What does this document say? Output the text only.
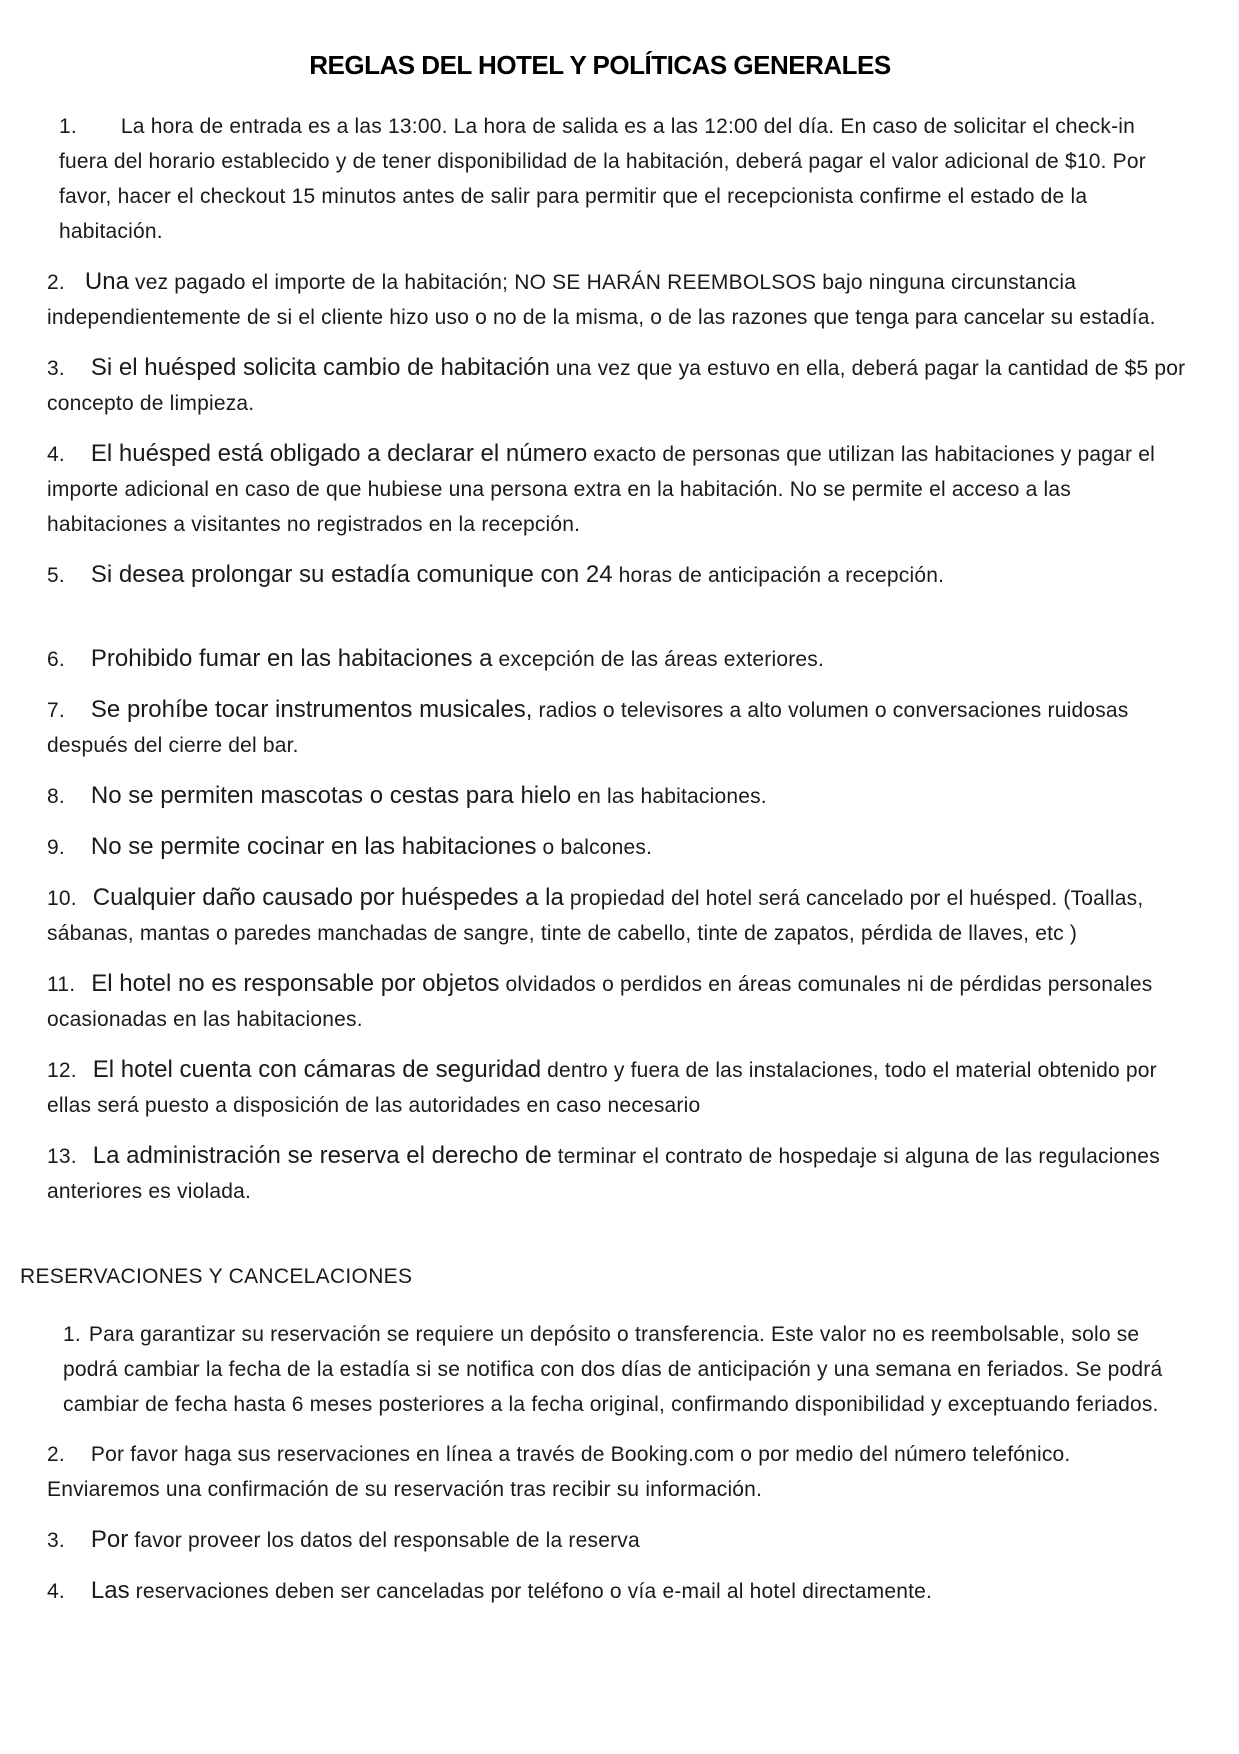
REGLAS DEL HOTEL Y POLÍTICAS GENERALES
1. La hora de entrada es a las 13:00. La hora de salida es a las 12:00 del día. En caso de solicitar el check-in fuera del horario establecido y de tener disponibilidad de la habitación, deberá pagar el valor adicional de $10. Por favor, hacer el checkout 15 minutos antes de salir para permitir que el recepcionista confirme el estado de la habitación.
2. Una vez pagado el importe de la habitación; NO SE HARÁN REEMBOLSOS bajo ninguna circunstancia independientemente de si el cliente hizo uso o no de la misma, o de las razones que tenga para cancelar su estadía.
3. Si el huésped solicita cambio de habitación una vez que ya estuvo en ella, deberá pagar la cantidad de $5 por concepto de limpieza.
4. El huésped está obligado a declarar el número exacto de personas que utilizan las habitaciones y pagar el importe adicional en caso de que hubiese una persona extra en la habitación. No se permite el acceso a las habitaciones a visitantes no registrados en la recepción.
5. Si desea prolongar su estadía comunique con 24 horas de anticipación a recepción.
6. Prohibido fumar en las habitaciones a excepción de las áreas exteriores.
7. Se prohíbe tocar instrumentos musicales, radios o televisores a alto volumen o conversaciones ruidosas después del cierre del bar.
8. No se permiten mascotas o cestas para hielo en las habitaciones.
9. No se permite cocinar en las habitaciones o balcones.
10. Cualquier daño causado por huéspedes a la propiedad del hotel será cancelado por el huésped. (Toallas, sábanas, mantas o paredes manchadas de sangre, tinte de cabello, tinte de zapatos, pérdida de llaves, etc )
11. El hotel no es responsable por objetos olvidados o perdidos en áreas comunales ni de pérdidas personales ocasionadas en las habitaciones.
12. El hotel cuenta con cámaras de seguridad dentro y fuera de las instalaciones, todo el material obtenido por ellas será puesto a disposición de las autoridades en caso necesario
13. La administración se reserva el derecho de terminar el contrato de hospedaje si alguna de las regulaciones anteriores es violada.
RESERVACIONES Y CANCELACIONES
1. Para garantizar su reservación se requiere un depósito o transferencia. Este valor no es reembolsable, solo se podrá cambiar la fecha de la estadía si se notifica con dos días de anticipación y una semana en feriados. Se podrá cambiar de fecha hasta 6 meses posteriores a la fecha original, confirmando disponibilidad y exceptuando feriados.
2. Por favor haga sus reservaciones en línea a través de Booking.com o por medio del número telefónico. Enviaremos una confirmación de su reservación tras recibir su información.
3. Por favor proveer los datos del responsable de la reserva
4. Las reservaciones deben ser canceladas por teléfono o vía e-mail al hotel directamente.
